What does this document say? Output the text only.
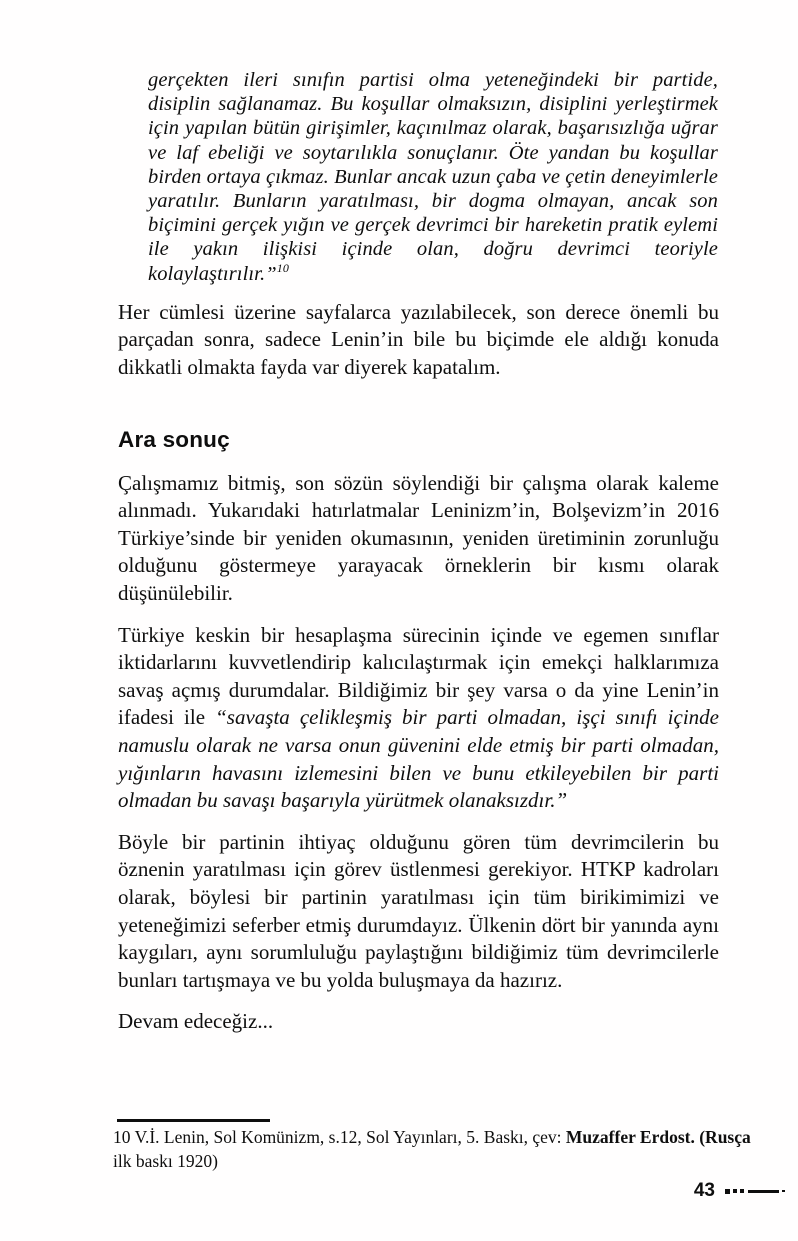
gerçekten ileri sınıfın partisi olma yeteneğindeki bir partide, disiplin sağlanamaz. Bu koşullar olmaksızın, disiplini yerleştirmek için yapılan bütün girişimler, kaçınılmaz olarak, başarısızlığa uğrar ve laf ebeliği ve soytarılıkla sonuçlanır. Öte yandan bu koşullar birden ortaya çıkmaz. Bunlar ancak uzun çaba ve çetin deneyimlerle yaratılır. Bunların yaratılması, bir dogma olmayan, ancak son biçimini gerçek yığın ve gerçek devrimci bir hareketin pratik eylemi ile yakın ilişkisi içinde olan, doğru devrimci teoriyle kolaylaştırılır.”$^{10}$

Her cümlesi üzerine sayfalarca yazılabilecek, son derece önemli bu parçadan sonra, sadece Lenin’in bile bu biçimde ele aldığı konuda dikkatli olmakta fayda var diyerek kapatalım.

Ara sonuç

Çalışmamız bitmiş, son sözün söylendiği bir çalışma olarak kaleme alınmadı. Yukarıdaki hatırlatmalar Leninizm’in, Bolşevizm’in 2016 Türkiye’sinde bir yeniden okumasının, yeniden üretiminin zorunluğu olduğunu göstermeye yarayacak örneklerin bir kısmı olarak düşünülebilir.

Türkiye keskin bir hesaplaşma sürecinin içinde ve egemen sınıflar iktidarlarını kuvvetlendirip kalıcılaştırmak için emekçi halklarımıza savaş açmış durumdalar. Bildiğimiz bir şey varsa o da yine Lenin’in ifadesi ile “savaşta çelikleşmiş bir parti olmadan, işçi sınıfı içinde namuslu olarak ne varsa onun güvenini elde etmiş bir parti olmadan, yığınların havasını izlemesini bilen ve bunu etkileyebilen bir parti olmadan bu savaşı başarıyla yürütmek olanaksızdır.”

Böyle bir partinin ihtiyaç olduğunu gören tüm devrimcilerin bu öznenin yaratılması için görev üstlenmesi gerekiyor. HTKP kadroları olarak, böylesi bir partinin yaratılması için tüm birikimimizi ve yeteneğimizi seferber etmiş durumdayız. Ülkenin dört bir yanında aynı kaygıları, aynı sorumluluğu paylaştığını bildiğimiz tüm devrimcilerle bunları tartışmaya ve bu yolda buluşmaya da hazırız.

Devam edeceğiz...

10 V.İ. Lenin, Sol Komünizm, s.12, Sol Yayınları, 5. Baskı, çev: Muzaffer Erdost. (Rusça ilk baskı 1920)

43
